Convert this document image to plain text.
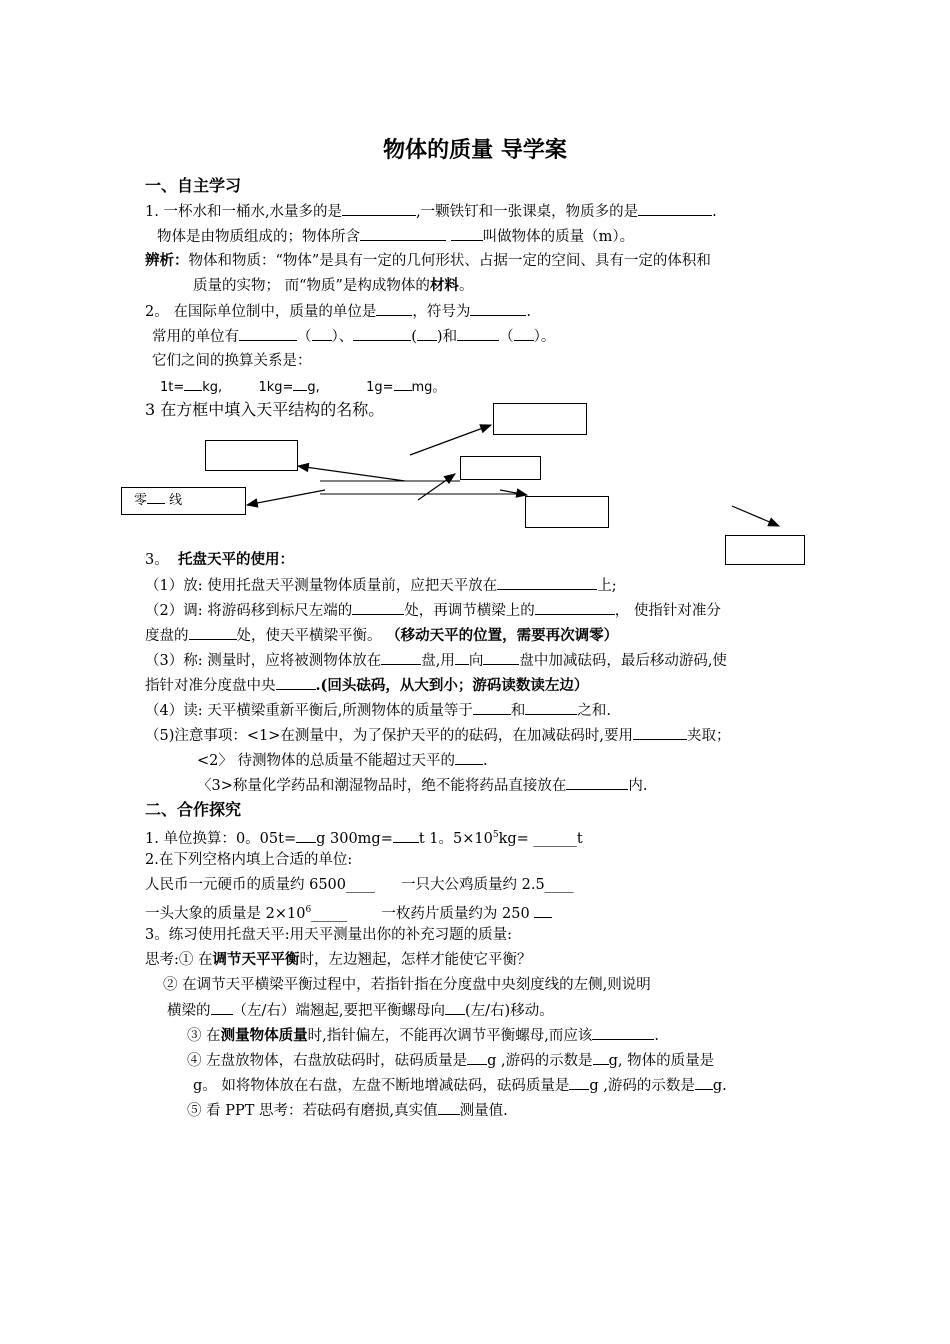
物体的质量 导学案
一、自主学习
1. 一杯水和一桶水,水量多的是	,一颗铁钉和一张课桌，物质多的是	.
物体是由物质组成的；物体所含	叫做物体的质量（m）。
辨析：物体和物质：“物体”是具有一定的几何形状、占据一定的空间、具有一定的体积和
质量的实物； 而“物质”是构成物体的材料。
2。 在国际单位制中，质量的单位是 ，符号为	.
常用的单位有	（ ）、	( )和	（ ）。
它们之间的换算关系是：
1t= kg,	1kg= g,	1g= mg。
3 在方框中填入天平结构的名称。
零 线
3。 托盘天平的使用：
（1）放: 使用托盘天平测量物体质量前，应把天平放在	上;
（2）调: 将游码移到标尺左端的	处，再调节横梁上的	， 使指针对准分
度盘的	处，使天平横梁平衡。 （移动天平的位置，需要再次调零）
（3）称: 测量时，应将被测物体放在	盘,用 向 盘中加减砝码，最后移动游码,使
指针对准分度盘中央	.(回头砝码，从大到小；游码读数读左边）
（4）读: 天平横梁重新平衡后,所测物体的质量等于	和	之和.
（5)注意事项：<1>在测量中，为了保护天平的的砝码，在加减砝码时,要用	夹取；
<2〉 待测物体的总质量不能超过天平的 .
〈3>称量化学药品和潮湿物品时，绝不能将药品直接放在	内.
二、合作探究
1. 单位换算：0。05t= g 300mg= t 1。$5\times 10^5kg=$ ______t
2.在下列空格内填上合适的单位:
人民币一元硬币的质量约 6500____ 一只大公鸡质量约 2.5____
一头大象的质量是 $2\times 10^6\_\_\_\_\_$ 一枚药片质量约为 250
3。练习使用托盘天平:用天平测量出你的补充习题的质量:
思考:① 在调节天平平衡时，左边翘起，怎样才能使它平衡？
② 在调节天平横梁平衡过程中，若指针指在分度盘中央刻度线的左侧,则说明
横梁的 （左/右）端翘起,要把平衡螺母向 (左/右)移动。
③ 在测量物体质量时,指针偏左，不能再次调节平衡螺母,而应该	.
④ 左盘放物体，右盘放砝码时，砝码质量是 g ,游码的示数是 g, 物体的质量是
g。 如将物体放在右盘，左盘不断地增减砝码，砝码质量是 g ,游码的示数是 g.
⑤ 看 PPT 思考：若砝码有磨损,真实值 测量值.
